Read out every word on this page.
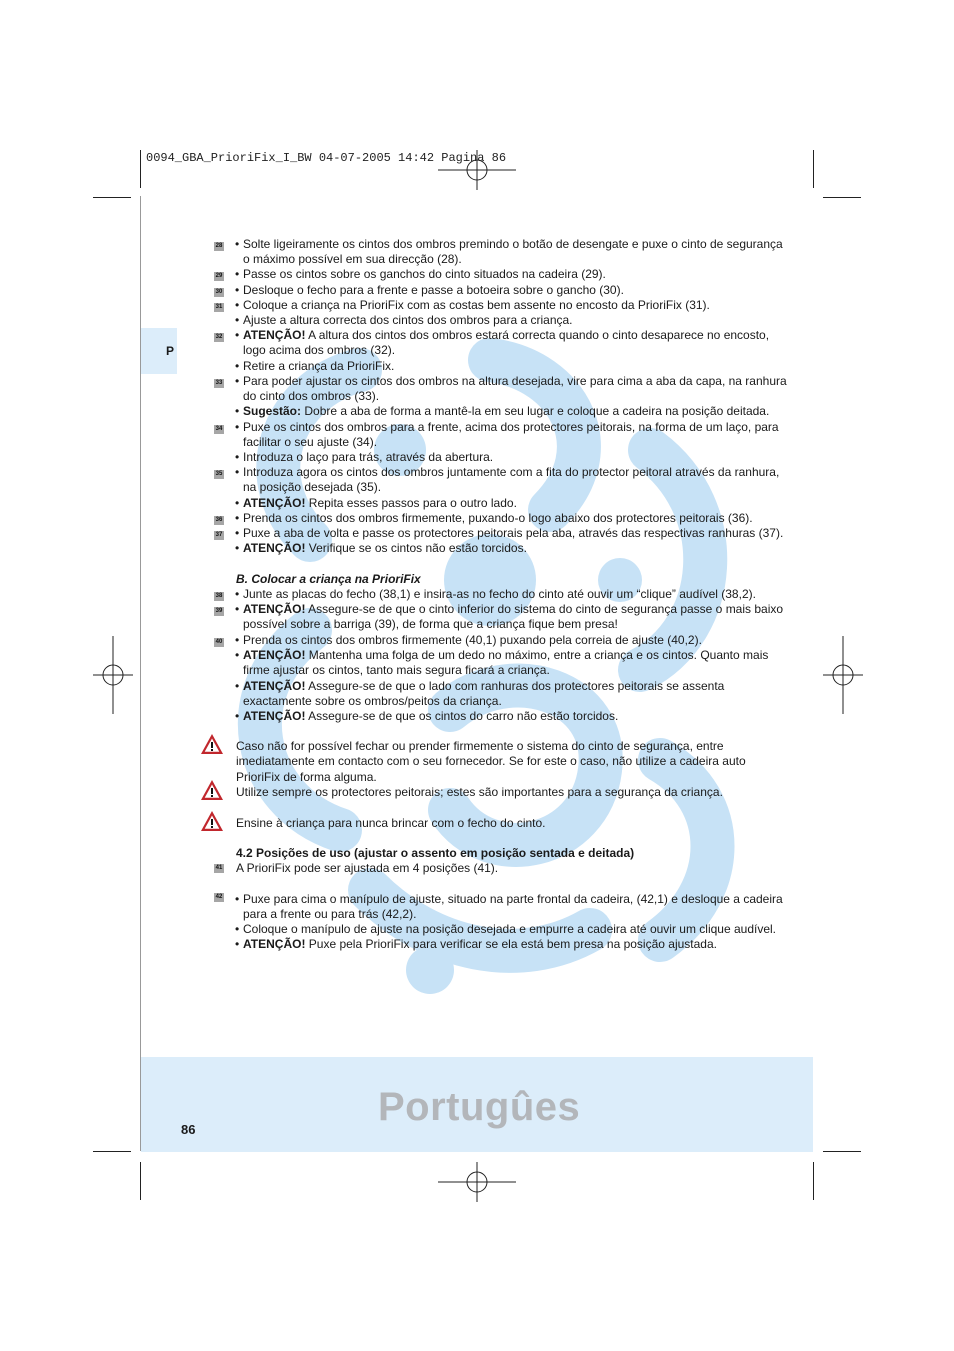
0094_GBA_PrioriFix_I_BW 04-07-2005 14:42 Pagina 86
P
28 • Solte ligeiramente os cintos dos ombros premindo o botão de desengate e puxe o cinto de segurança o máximo possível em sua direcção (28).
29 • Passe os cintos sobre os ganchos do cinto situados na cadeira (29).
30 • Desloque o fecho para a frente e passe a botoeira sobre o gancho (30).
31 • Coloque a criança na PrioriFix com as costas bem assente no encosto da PrioriFix (31).
• Ajuste a altura correcta dos cintos dos ombros para a criança.
32 • ATENÇÃO! A altura dos cintos dos ombros estará correcta quando o cinto desaparece no encosto, logo acima dos ombros (32).
• Retire a criança da PrioriFix.
33 • Para poder ajustar os cintos dos ombros na altura desejada, vire para cima a aba da capa, na ranhura do cinto dos ombros (33).
• Sugestão: Dobre a aba de forma a mantê-la em seu lugar e coloque a cadeira na posição deitada.
34 • Puxe os cintos dos ombros para a frente, acima dos protectores peitorais, na forma de um laço, para facilitar o seu ajuste (34).
• Introduza o laço para trás, através da abertura.
35 • Introduza agora os cintos dos ombros juntamente com a fita do protector peitoral através da ranhura, na posição desejada (35).
• ATENÇÃO! Repita esses passos para o outro lado.
36 • Prenda os cintos dos ombros firmemente, puxando-o logo abaixo dos protectores peitorais (36).
37 • Puxe a aba de volta e passe os protectores peitorais pela aba, através das respectivas ranhuras (37).
• ATENÇÃO! Verifique se os cintos não estão torcidos.
B. Colocar a criança na PrioriFix
38 • Junte as placas do fecho (38,1) e insira-as no fecho do cinto até ouvir um “clique” audível (38,2).
39 • ATENÇÃO! Assegure-se de que o cinto inferior do sistema do cinto de segurança passe o mais baixo possível sobre a barriga (39), de forma que a criança fique bem presa!
40 • Prenda os cintos dos ombros firmemente (40,1) puxando pela correia de ajuste (40,2).
• ATENÇÃO! Mantenha uma folga de um dedo no máximo, entre a criança e os cintos. Quanto mais firme ajustar os cintos, tanto mais segura ficará a criança.
• ATENÇÃO! Assegure-se de que o lado com ranhuras dos protectores peitorais se assenta exactamente sobre os ombros/peitos da criança.
• ATENÇÃO! Assegure-se de que os cintos do carro não estão torcidos.
Caso não for possível fechar ou prender firmemente o sistema do cinto de segurança, entre imediatamente em contacto com o seu fornecedor. Se for este o caso, não utilize a cadeira auto PrioriFix de forma alguma.
Utilize sempre os protectores peitorais; estes são importantes para a segurança da criança.
Ensine à criança para nunca brincar com o fecho do cinto.
4.2 Posições de uso (ajustar o assento em posição sentada e deitada)
41 A PrioriFix pode ser ajustada em 4 posições (41).
42 • Puxe para cima o manípulo de ajuste, situado na parte frontal da cadeira, (42,1) e desloque a cadeira para a frente ou para trás (42,2).
• Coloque o manípulo de ajuste na posição desejada e empurre a cadeira até ouvir um clique audível.
• ATENÇÃO! Puxe pela PrioriFix para verificar se ela está bem presa na posição ajustada.
Portugûes
86
